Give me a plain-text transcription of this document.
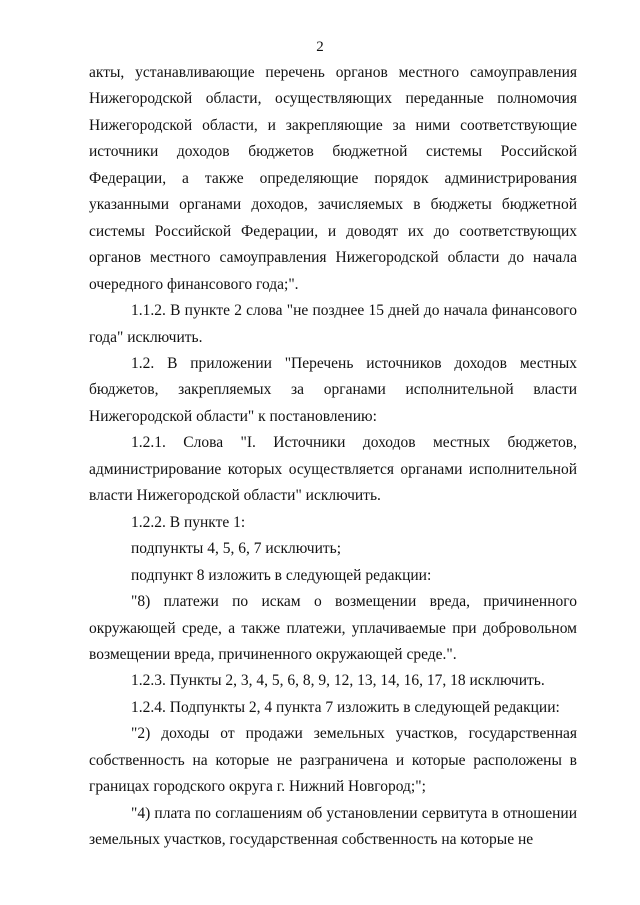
2

акты, устанавливающие перечень органов местного самоуправления Нижегородской области, осуществляющих переданные полномочия Нижегородской области, и закрепляющие за ними соответствующие источники доходов бюджетов бюджетной системы Российской Федерации, а также определяющие порядок администрирования указанными органами доходов, зачисляемых в бюджеты бюджетной системы Российской Федерации, и доводят их до соответствующих органов местного самоуправления Нижегородской области до начала очередного финансового года;".

1.1.2. В пункте 2 слова "не позднее 15 дней до начала финансового года" исключить.

1.2. В приложении "Перечень источников доходов местных бюджетов, закрепляемых за органами исполнительной власти Нижегородской области" к постановлению:

1.2.1. Слова "I. Источники доходов местных бюджетов, администрирование которых осуществляется органами исполнительной власти Нижегородской области" исключить.

1.2.2. В пункте 1:

подпункты 4, 5, 6, 7 исключить;

подпункт 8 изложить в следующей редакции:

"8) платежи по искам о возмещении вреда, причиненного окружающей среде, а также платежи, уплачиваемые при добровольном возмещении вреда, причиненного окружающей среде.".

1.2.3. Пункты 2, 3, 4, 5, 6, 8, 9, 12, 13, 14, 16, 17, 18 исключить.

1.2.4. Подпункты 2, 4 пункта 7 изложить в следующей редакции:

"2) доходы от продажи земельных участков, государственная собственность на которые не разграничена и которые расположены в границах городского округа г. Нижний Новгород;";

"4) плата по соглашениям об установлении сервитута в отношении земельных участков, государственная собственность на которые не
